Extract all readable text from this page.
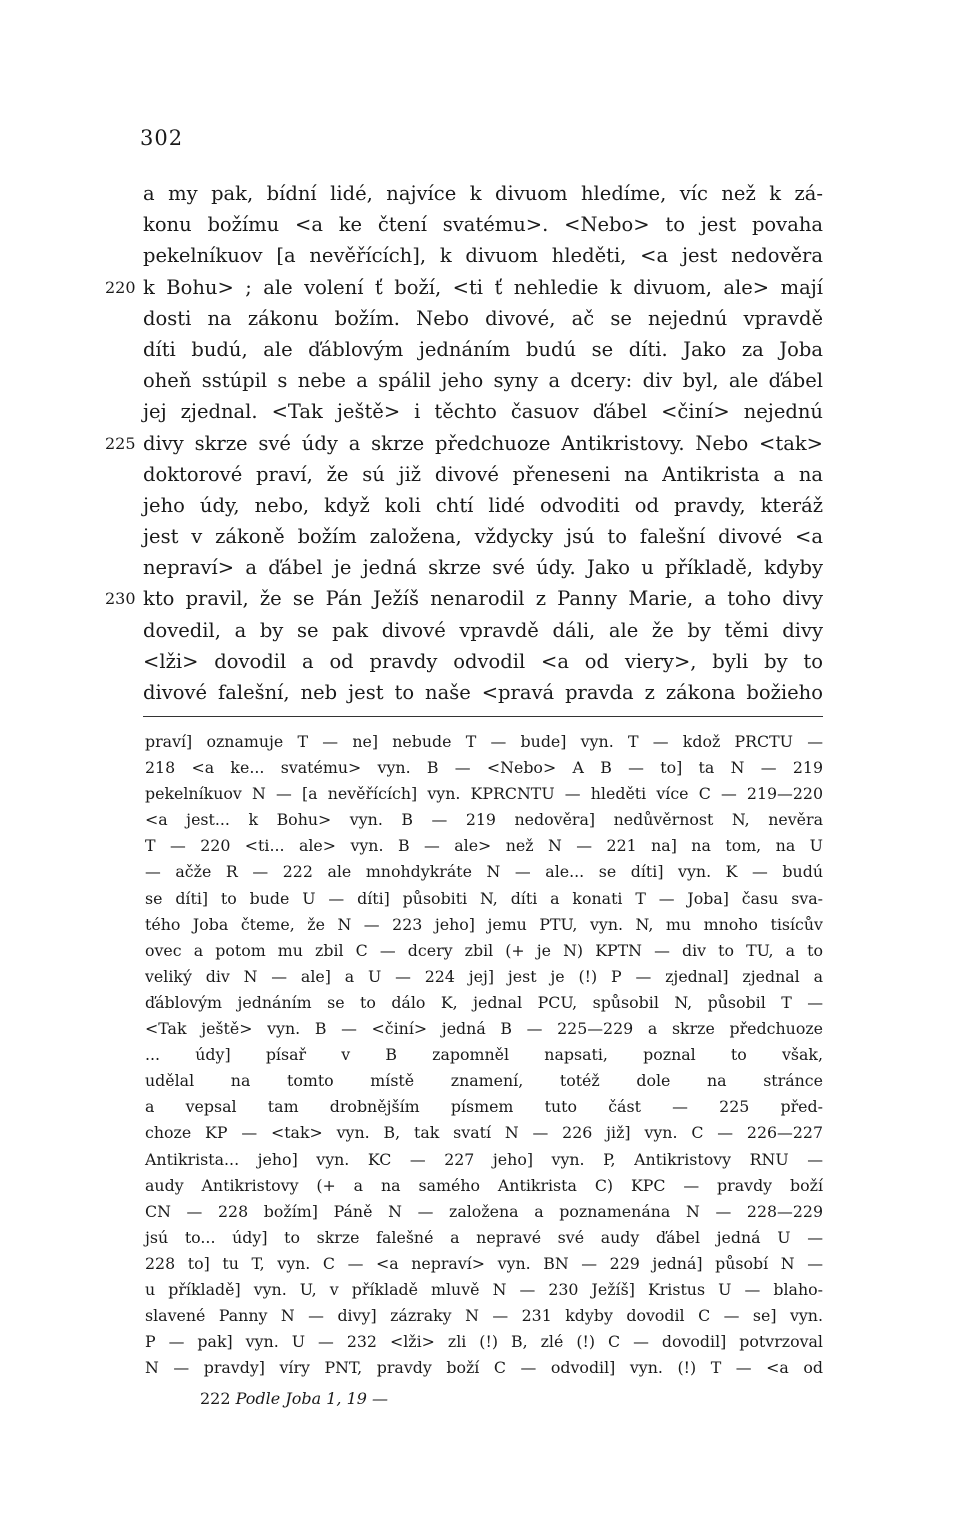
302
a my pak, bídní lidé, najvíce k divuom hledíme, víc než k zá-
konu božímu <a ke čtení svatému>. <Nebo> to jest povaha
pekelníkuov [a nevěřících], k divuom hleděti, <a jest nedověra
220 k Bohu> ; ale volení ť boží, <ti ť nehledie k divuom, ale> mají
dosti na zákonu božím. Nebo divové, ač se nejednú vpravdě
díti budú, ale ďáblovým jednáním budú se díti. Jako za Joba
oheň sstúpil s nebe a spálil jeho syny a dcery: div byl, ale ďábel
jej zjednal. <Tak ještě> i těchto časuov ďábel <činí> nejednú
225 divy skrze své údy a skrze předchuoze Antikristovy. Nebo <tak>
doktorové praví, že sú již divové přeneseni na Antikrista a na
jeho údy, nebo, když koli chtí lidé odvoditi od pravdy, kteráž
jest v zákoně božím založena, vždycky jsú to falešní divové <a
nepraví> a ďábel je jedná skrze své údy. Jako u příkladě, kdyby
230 kto pravil, že se Pán Ježíš nenarodil z Panny Marie, a toho divy
dovedil, a by se pak divové vpravdě dáli, ale že by těmi divy
<lži> dovodil a od pravdy odvodil <a od viery>, byli by to
divové falešní, neb jest to naše <pravá pravda z zákona božieho
praví] oznamuje T — ne] nebude T — bude] vyn. T — kdož PRCTU —
218 <a ke... svatému> vyn. B — <Nebo> A B — to] ta N — 219
pekelníkuov N — [a nevěřících] vyn. KPRCNTU — hleděti více C — 219—220
<a jest... k Bohu> vyn. B — 219 nedověra] nedůvěrnost N, nevěra
T — 220 <ti... ale> vyn. B — ale> než N — 221 na] na tom, na U
— ačže R — 222 ale mnohdykráte N — ale... se díti] vyn. K — budú
se díti] to bude U — díti] působiti N, díti a konati T — Joba] času sva-
tého Joba čteme, že N — 223 jeho] jemu PTU, vyn. N, mu mnoho tisícův
ovec a potom mu zbil C — dcery zbil (+ je N) KPTN — div to TU, a to
veliký div N — ale] a U — 224 jej] jest je (!) P — zjednal] zjednal a
ďáblovým jednáním se to dálo K, jednal PCU, spůsobil N, působil T —
<Tak ještě> vyn. B — <činí> jedná B — 225—229 a skrze předchuoze
... údy] písař v B zapomněl napsati, poznal to však,
udělal na tomto místě znamení, totéž dole na stránce
a vepsal tam drobnějším písmem tuto část — 225 před-
choze KP — <tak> vyn. B, tak svatí N — 226 již] vyn. C — 226—227
Antikrista... jeho] vyn. KC — 227 jeho] vyn. P, Antikristovy RNU —
audy Antikristovy (+ a na samého Antikrista C) KPC — pravdy boží
CN — 228 božím] Páně N — založena a poznamenána N — 228—229
jsú to... údy] to skrze falešné a nepravé své audy ďábel jedná U —
228 to] tu T, vyn. C — <a nepraví> vyn. BN — 229 jedná] působí N —
u příkladě] vyn. U, v příkladě mluvě N — 230 Ježíš] Kristus U — blaho-
slavené Panny N — divy] zázraky N — 231 kdyby dovodil C — se] vyn.
P — pak] vyn. U — 232 <lži> zli (!) B, zlé (!) C — dovodil] potvrzoval
N — pravdy] víry PNT, pravdy boží C — odvodil] vyn. (!) T — <a od
222 Podle Joba 1, 19 —
